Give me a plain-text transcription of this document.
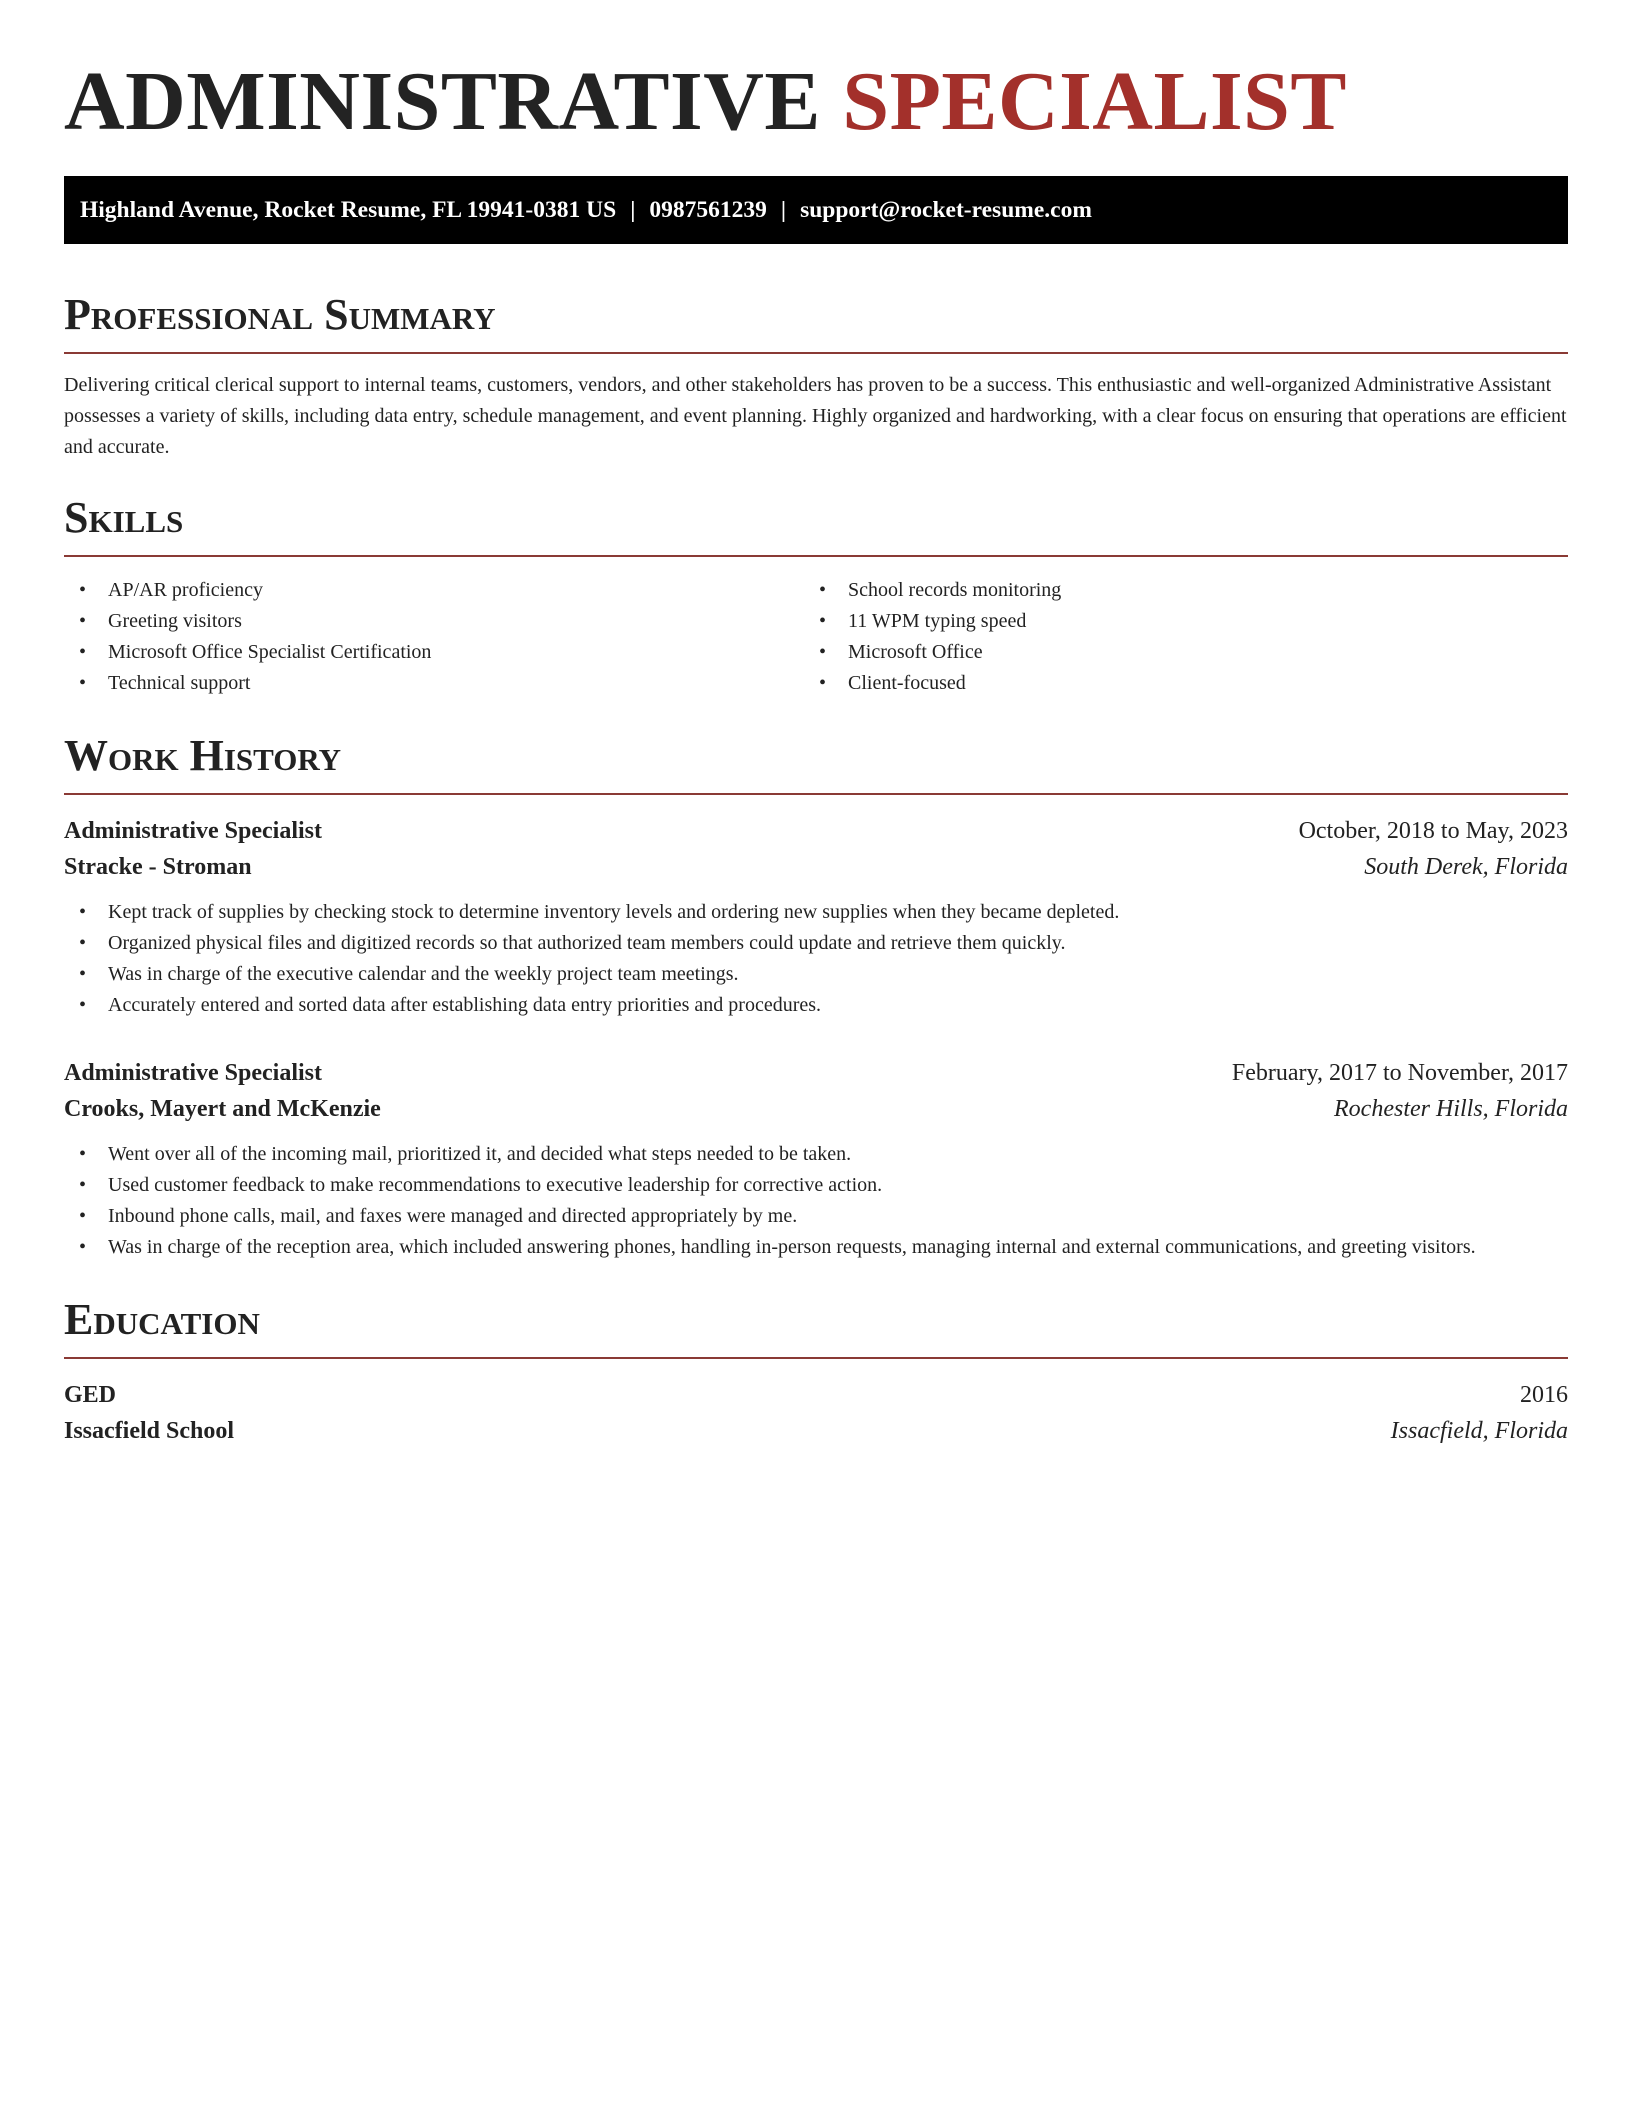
ADMINISTRATIVE SPECIALIST
Highland Avenue, Rocket Resume, FL 19941-0381 US | 0987561239 | support@rocket-resume.com
Professional Summary

Delivering critical clerical support to internal teams, customers, vendors, and other stakeholders has proven to be a success. This enthusiastic and well-organized Administrative Assistant possesses a variety of skills, including data entry, schedule management, and event planning. Highly organized and hardworking, with a clear focus on ensuring that operations are efficient and accurate.

Skills
• AP/AR proficiency
• Greeting visitors
• Microsoft Office Specialist Certification
• Technical support
• School records monitoring
• 11 WPM typing speed
• Microsoft Office
• Client-focused
Work History
Administrative Specialist	October, 2018 to May, 2023
Stracke - Stroman	South Derek, Florida
• Kept track of supplies by checking stock to determine inventory levels and ordering new supplies when they became depleted.
• Organized physical files and digitized records so that authorized team members could update and retrieve them quickly.
• Was in charge of the executive calendar and the weekly project team meetings.
• Accurately entered and sorted data after establishing data entry priorities and procedures.
Administrative Specialist	February, 2017 to November, 2017
Crooks, Mayert and McKenzie	Rochester Hills, Florida
• Went over all of the incoming mail, prioritized it, and decided what steps needed to be taken.
• Used customer feedback to make recommendations to executive leadership for corrective action.
• Inbound phone calls, mail, and faxes were managed and directed appropriately by me.
• Was in charge of the reception area, which included answering phones, handling in-person requests, managing internal and external communications, and greeting visitors.
Education
GED	2016
Issacfield School	Issacfield, Florida
